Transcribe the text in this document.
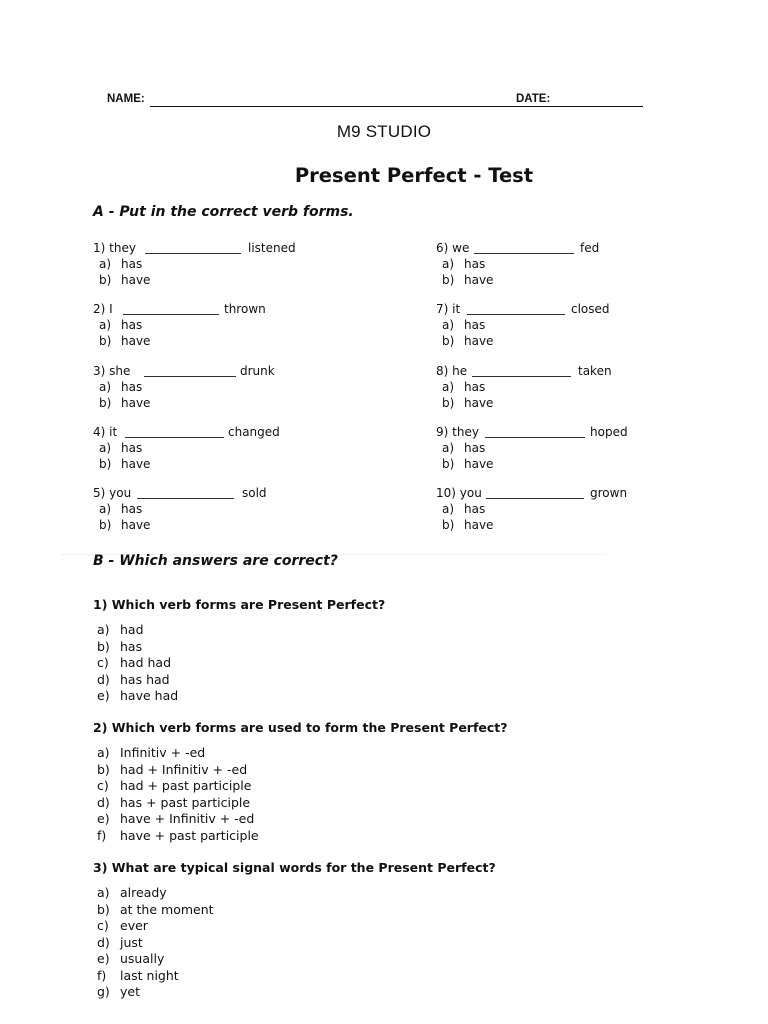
NAME:	DATE:
M9 STUDIO
Present Perfect - Test
A - Put in the correct verb forms.
1) they	listened
a) has
b) have
2) I	thrown
a) has
b) have
3) she	drunk
a) has
b) have
4) it	changed
a) has
b) have
5) you	sold
a) has
b) have
6) we	fed
a) has
b) have
7) it	closed
a) has
b) have
8) he	taken
a) has
b) have
9) they	hoped
a) has
b) have
10) you	grown
a) has
b) have
B - Which answers are correct?
1) Which verb forms are Present Perfect?
a) had
b) has
c) had had
d) has had
e) have had
2) Which verb forms are used to form the Present Perfect?
a) Infinitiv + -ed
b) had + Infinitiv + -ed
c) had + past participle
d) has + past participle
e) have + Infinitiv + -ed
f) have + past participle
3) What are typical signal words for the Present Perfect?
a) already
b) at the moment
c) ever
d) just
e) usually
f) last night
g) yet
